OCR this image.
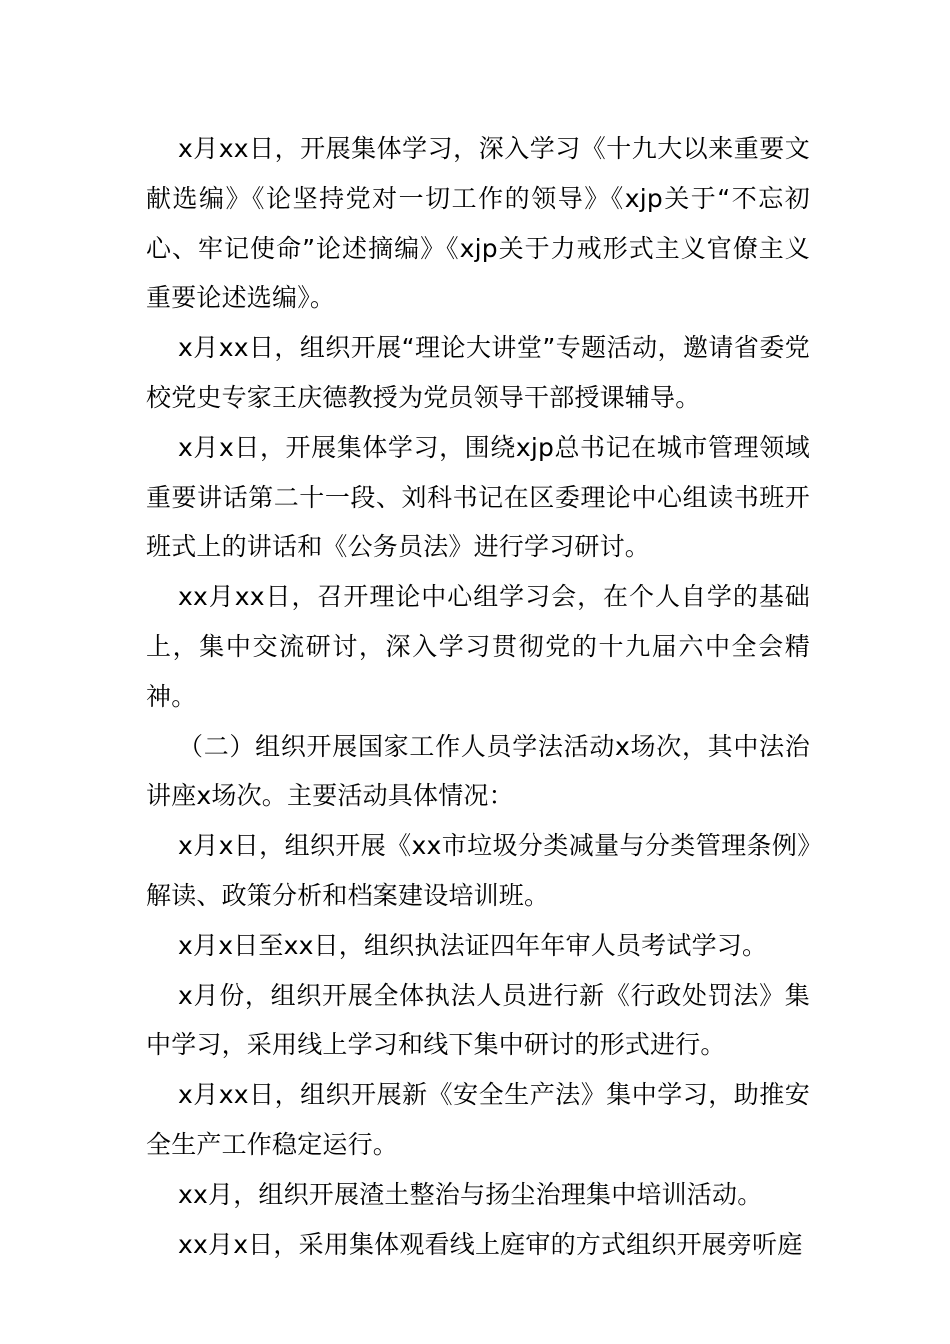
x月xx日，开展集体学习，深入学习《十九大以来重要文献选编》《论坚持党对一切工作的领导》《xjp关于“不忘初心、牢记使命”论述摘编》《xjp关于力戒形式主义官僚主义重要论述选编》。

x月xx日，组织开展“理论大讲堂”专题活动，邀请省委党校党史专家王庆德教授为党员领导干部授课辅导。

x月x日，开展集体学习，围绕xjp总书记在城市管理领域重要讲话第二十一段、刘科书记在区委理论中心组读书班开班式上的讲话和《公务员法》进行学习研讨。

xx月xx日，召开理论中心组学习会，在个人自学的基础上，集中交流研讨，深入学习贯彻党的十九届六中全会精神。

（二）组织开展国家工作人员学法活动x场次，其中法治讲座x场次。主要活动具体情况：

x月x日，组织开展《xx市垃圾分类减量与分类管理条例》解读、政策分析和档案建设培训班。

x月x日至xx日，组织执法证四年年审人员考试学习。

x月份，组织开展全体执法人员进行新《行政处罚法》集中学习，采用线上学习和线下集中研讨的形式进行。

x月xx日，组织开展新《安全生产法》集中学习，助推安全生产工作稳定运行。

xx月，组织开展渣土整治与扬尘治理集中培训活动。

xx月x日，采用集体观看线上庭审的方式组织开展旁听庭
